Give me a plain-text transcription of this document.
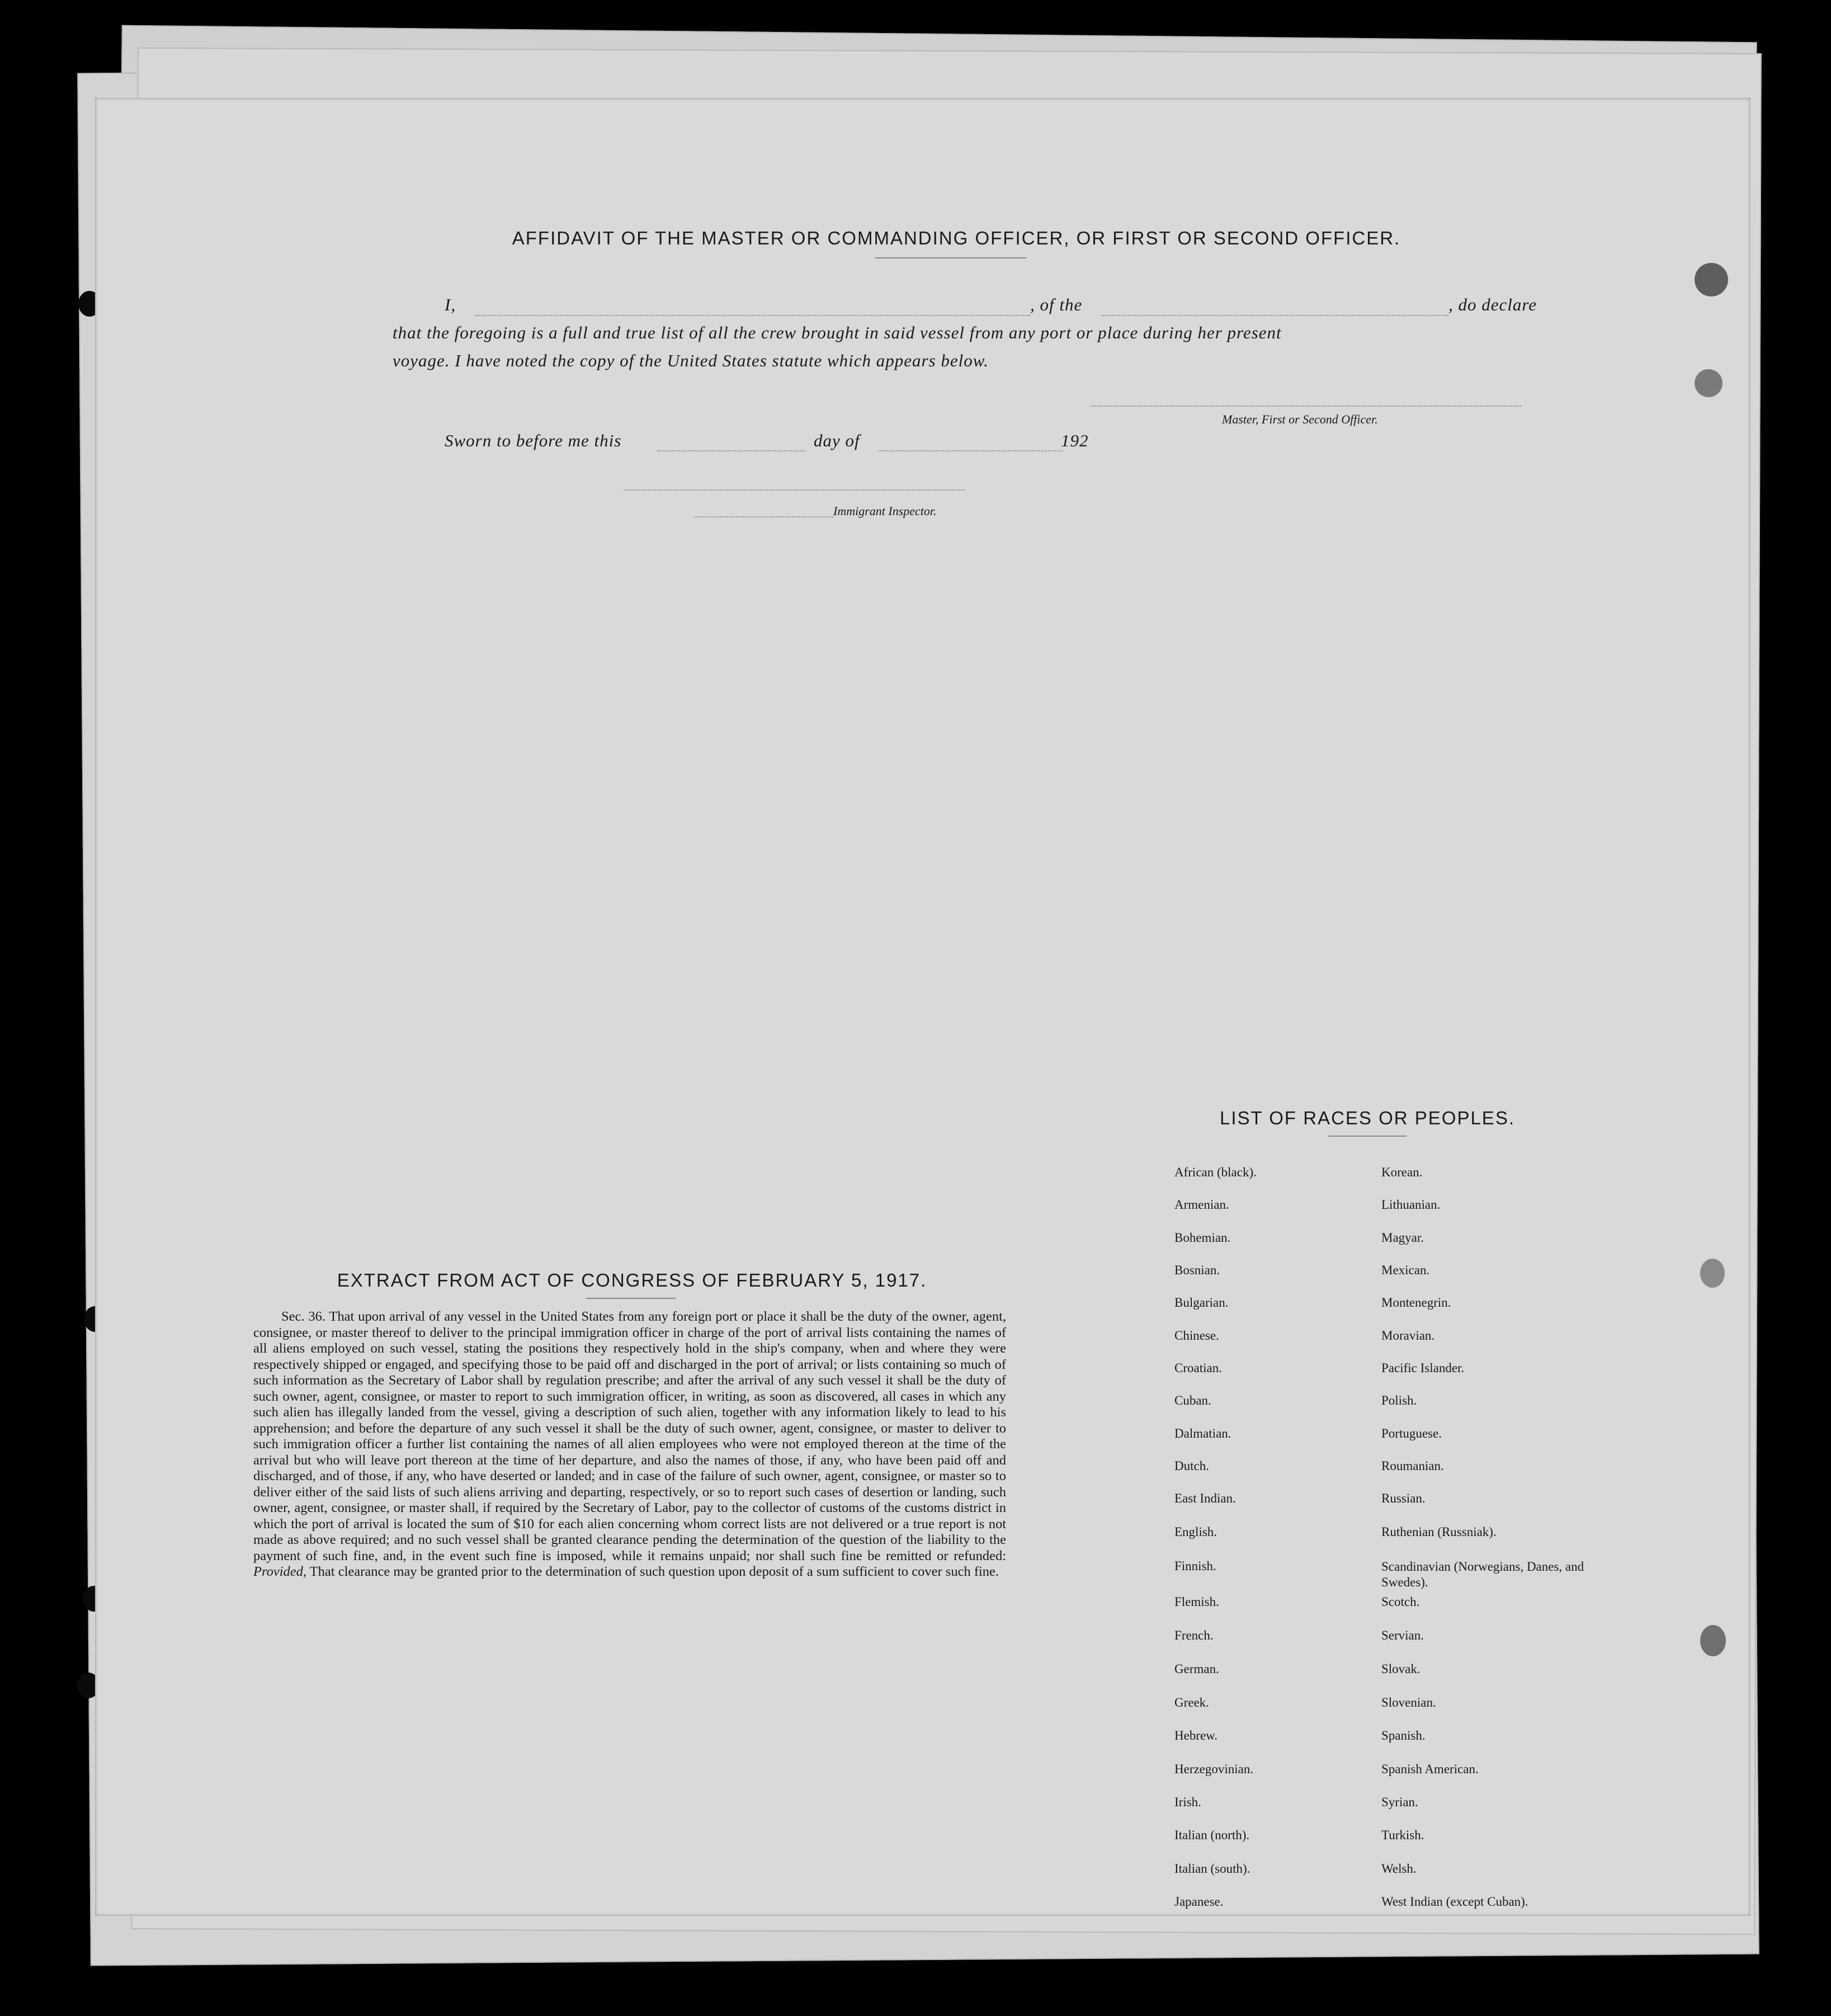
AFFIDAVIT OF THE MASTER OR COMMANDING OFFICER, OR FIRST OR SECOND OFFICER.
I,	, of the	, do declare
that the foregoing is a full and true list of all the crew brought in said vessel from any port or place during her present
voyage. I have noted the copy of the United States statute which appears below.
Master, First or Second Officer.
Sworn to before me this	day of	192
Immigrant Inspector.
EXTRACT FROM ACT OF CONGRESS OF FEBRUARY 5, 1917.
Sec. 36. That upon arrival of any vessel in the United States from any foreign port or place it shall be the duty of the owner, agent, consignee, or master thereof to deliver to the principal immigration officer in charge of the port of arrival lists containing the names of all aliens employed on such vessel, stating the positions they respectively hold in the ship's company, when and where they were respectively shipped or engaged, and specifying those to be paid off and discharged in the port of arrival; or lists containing so much of such information as the Secretary of Labor shall by regulation prescribe; and after the arrival of any such vessel it shall be the duty of such owner, agent, consignee, or master to report to such immigration officer, in writing, as soon as discovered, all cases in which any such alien has illegally landed from the vessel, giving a description of such alien, together with any information likely to lead to his apprehension; and before the departure of any such vessel it shall be the duty of such owner, agent, consignee, or master to deliver to such immigration officer a further list containing the names of all alien employees who were not employed thereon at the time of the arrival but who will leave port thereon at the time of her departure, and also the names of those, if any, who have been paid off and discharged, and of those, if any, who have deserted or landed; and in case of the failure of such owner, agent, consignee, or master so to deliver either of the said lists of such aliens arriving and departing, respectively, or so to report such cases of desertion or landing, such owner, agent, consignee, or master shall, if required by the Secretary of Labor, pay to the collector of customs of the customs district in which the port of arrival is located the sum of $10 for each alien concerning whom correct lists are not delivered or a true report is not made as above required; and no such vessel shall be granted clearance pending the determination of the question of the liability to the payment of such fine, and, in the event such fine is imposed, while it remains unpaid; nor shall such fine be remitted or refunded: Provided, That clearance may be granted prior to the determination of such question upon deposit of a sum sufficient to cover such fine.
LIST OF RACES OR PEOPLES.
African (black).
Armenian.
Bohemian.
Bosnian.
Bulgarian.
Chinese.
Croatian.
Cuban.
Dalmatian.
Dutch.
East Indian.
English.
Finnish.
Flemish.
French.
German.
Greek.
Hebrew.
Herzegovinian.
Irish.
Italian (north).
Italian (south).
Japanese.
Korean.
Lithuanian.
Magyar.
Mexican.
Montenegrin.
Moravian.
Pacific Islander.
Polish.
Portuguese.
Roumanian.
Russian.
Ruthenian (Russniak).
Scandinavian (Norwegians, Danes, and Swedes).
Scotch.
Servian.
Slovak.
Slovenian.
Spanish.
Spanish American.
Syrian.
Turkish.
Welsh.
West Indian (except Cuban).
